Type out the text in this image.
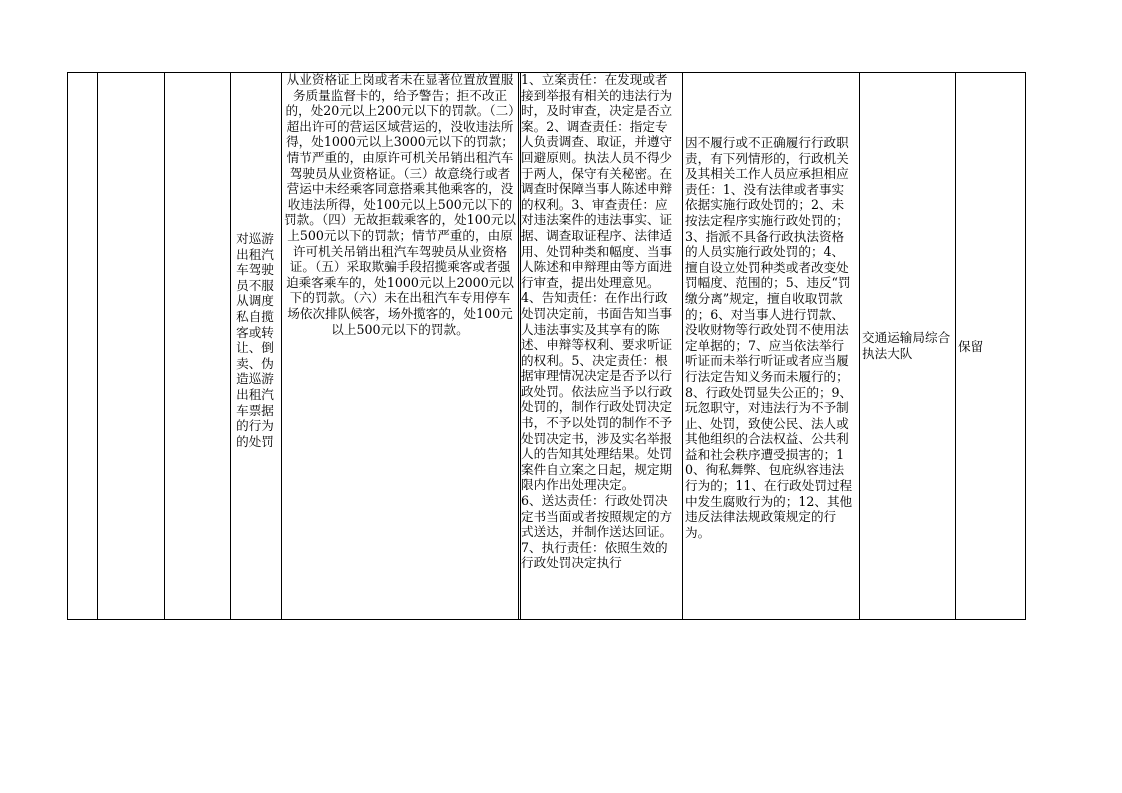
对巡游出租汽车驾驶员不服从调度私自揽客或转让、倒卖、伪造巡游出租汽车票据的行为的处罚
从业资格证上岗或者未在显著位置放置服务质量监督卡的，给予警告；拒不改正的，处20元以上200元以下的罚款。（二）超出许可的营运区域营运的，没收违法所得，处1000元以上3000元以下的罚款；情节严重的，由原许可机关吊销出租汽车驾驶员从业资格证。（三）故意绕行或者营运中未经乘客同意搭乘其他乘客的，没收违法所得，处100元以上500元以下的罚款。（四）无故拒载乘客的，处100元以上500元以下的罚款；情节严重的，由原许可机关吊销出租汽车驾驶员从业资格证。（五）采取欺骗手段招揽乘客或者强迫乘客乘车的，处1000元以上2000元以下的罚款。（六）未在出租汽车专用停车场依次排队候客，场外揽客的，处100元以上500元以下的罚款。

1、立案责任：在发现或者接到举报有相关的违法行为时，及时审查，决定是否立案。2、调查责任：指定专人负责调查、取证，并遵守回避原则。执法人员不得少于两人，保守有关秘密。在调查时保障当事人陈述申辩的权利。3、审查责任：应对违法案件的违法事实、证据、调查取证程序、法律适用、处罚种类和幅度、当事人陈述和申辩理由等方面进行审查，提出处理意见。4、告知责任：在作出行政处罚决定前，书面告知当事人违法事实及其享有的陈述、申辩等权利、要求听证的权利。5、决定责任：根据审理情况决定是否予以行政处罚。依法应当予以行政处罚的，制作行政处罚决定书，不予以处罚的制作不予处罚决定书，涉及实名举报人的告知其处理结果。处罚案件自立案之日起，规定期限内作出处理决定。

6、送达责任：行政处罚决定书当面或者按照规定的方式送达，并制作送达回证。7、执行责任：依照生效的行政处罚决定执行

因不履行或不正确履行行政职责，有下列情形的，行政机关及其相关工作人员应承担相应责任：1、没有法律或者事实依据实施行政处罚的；2、未按法定程序实施行政处罚的；3、指派不具备行政执法资格的人员实施行政处罚的；4、擅自设立处罚种类或者改变处罚幅度、范围的；5、违反“罚缴分离”规定，擅自收取罚款的；6、对当事人进行罚款、没收财物等行政处罚不使用法定单据的；7、应当依法举行听证而未举行听证或者应当履行法定告知义务而未履行的；8、行政处罚显失公正的；9、玩忽职守，对违法行为不予制止、处罚，致使公民、法人或其他组织的合法权益、公共利益和社会秩序遭受损害的；10、徇私舞弊、包庇纵容违法行为的；11、在行政处罚过程中发生腐败行为的；12、其他违反法律法规政策规定的行为。
交通运输局综合执法大队	保留
